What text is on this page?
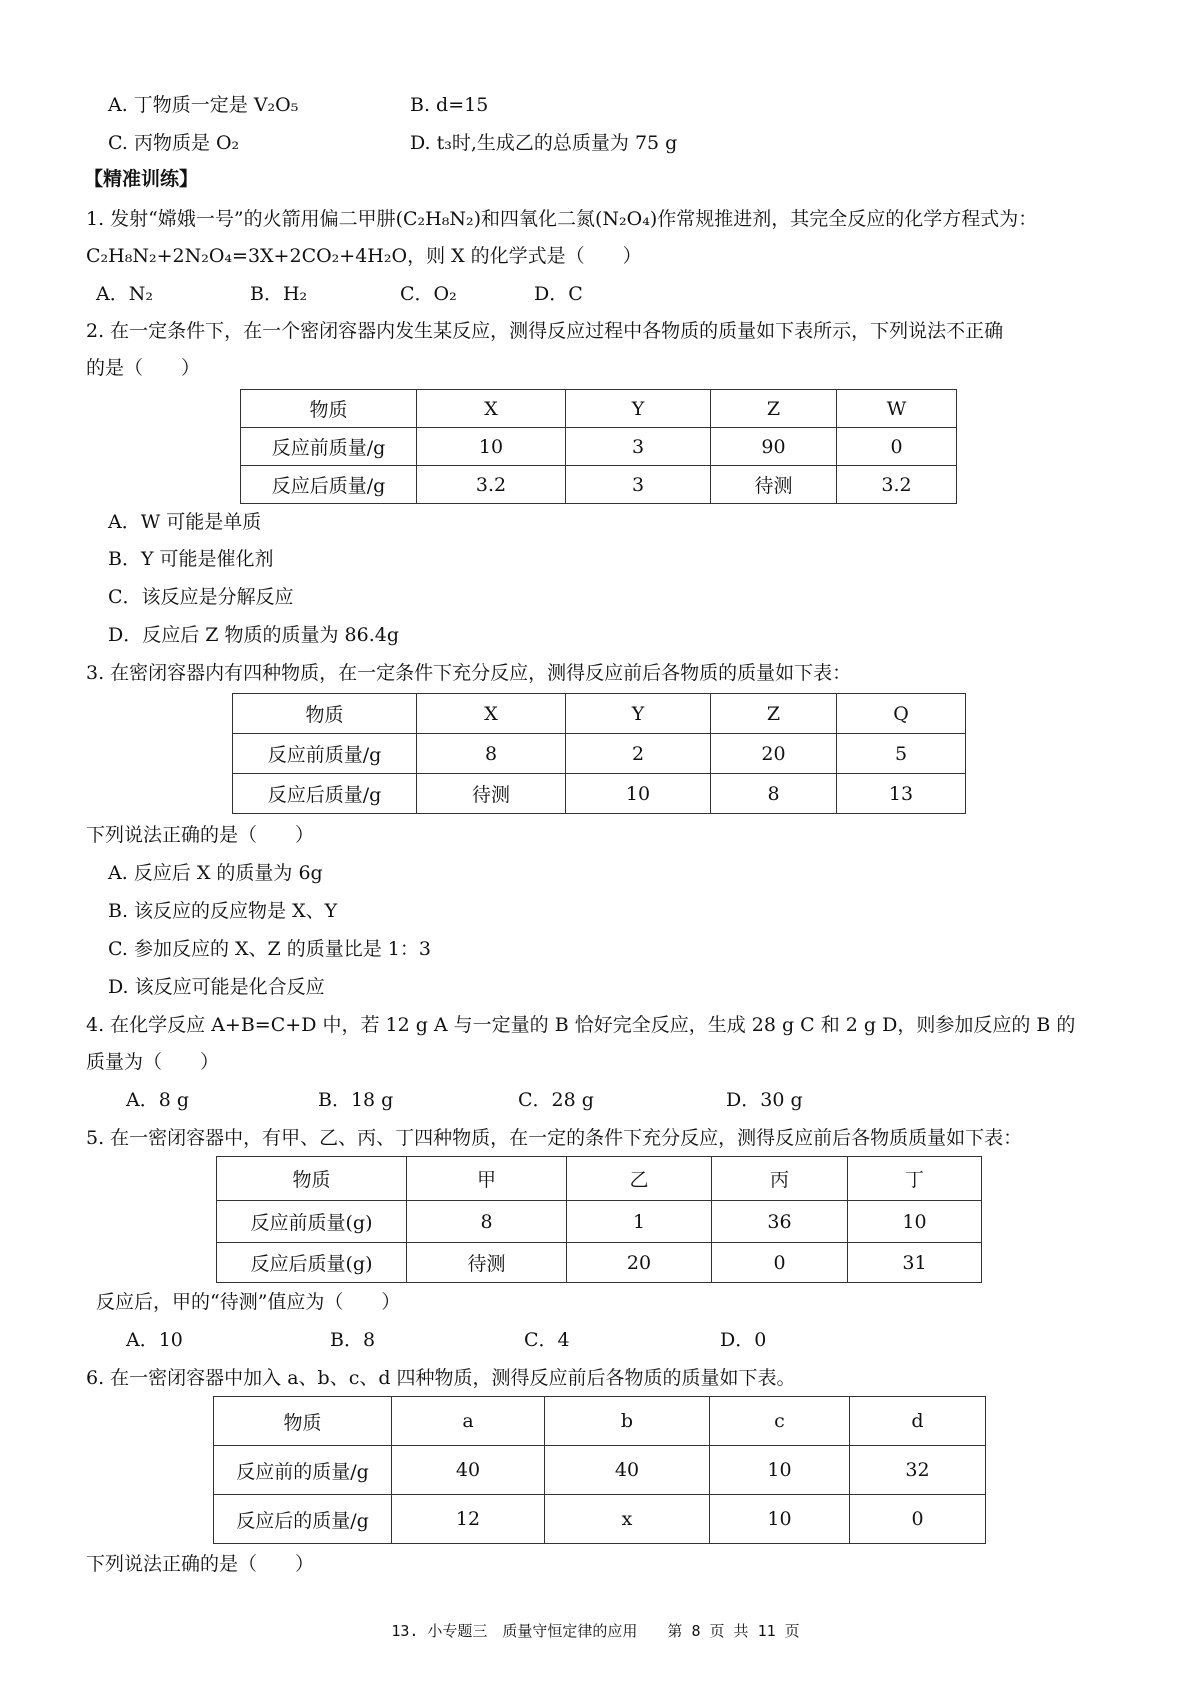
A. 丁物质一定是 V₂O₅	B. d=15
C. 丙物质是 O₂	D. t₃时,生成乙的总质量为 75 g
【精准训练】
1. 发射“嫦娥一号”的火箭用偏二甲肼(C₂H₈N₂)和四氧化二氮(N₂O₄)作常规推进剂，其完全反应的化学方程式为：
C₂H₈N₂+2N₂O₄=3X+2CO₂+4H₂O，则 X 的化学式是（　　）
A．N₂	B．H₂	C．O₂	D．C
2. 在一定条件下，在一个密闭容器内发生某反应，测得反应过程中各物质的质量如下表所示，下列说法不正确
的是（　　）
物质	X	Y	Z	W
反应前质量/g	10	3	90	0
反应后质量/g	3.2	3	待测	3.2
A．W 可能是单质
B．Y 可能是催化剂
C．该反应是分解反应
D．反应后 Z 物质的质量为 86.4g
3. 在密闭容器内有四种物质，在一定条件下充分反应，测得反应前后各物质的质量如下表：
物质	X	Y	Z	Q
反应前质量/g	8	2	20	5
反应后质量/g	待测	10	8	13
下列说法正确的是（　　）
A. 反应后 X 的质量为 6g
B. 该反应的反应物是 X、Y
C. 参加反应的 X、Z 的质量比是 1：3
D. 该反应可能是化合反应
4. 在化学反应 A+B=C+D 中，若 12 g A 与一定量的 B 恰好完全反应，生成 28 g C 和 2 g D，则参加反应的 B 的
质量为（　　）
A．8 g	B．18 g	C．28 g	D．30 g
5. 在一密闭容器中，有甲、乙、丙、丁四种物质，在一定的条件下充分反应，测得反应前后各物质质量如下表：
物质	甲	乙	丙	丁
反应前质量(g)	8	1	36	10
反应后质量(g)	待测	20	0	31
反应后，甲的“待测”值应为（　　）
A．10	B．8	C．4	D．0
6. 在一密闭容器中加入 a、b、c、d 四种物质，测得反应前后各物质的质量如下表。
物质	a	b	c	d
反应前的质量/g	40	40	10	32
反应后的质量/g	12	x	10	0
下列说法正确的是（　　）
13. 小专题三　质量守恒定律的应用　　第 8 页 共 11 页
